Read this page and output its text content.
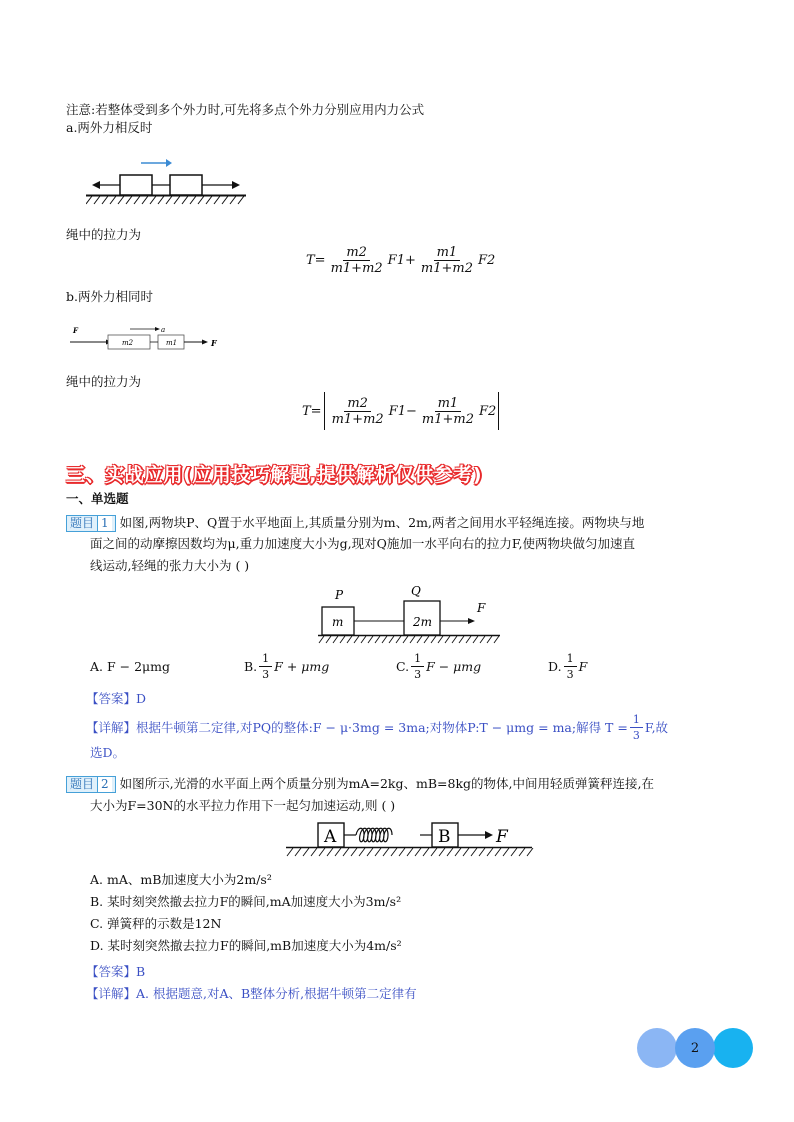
注意:若整体受到多个外力时,可先将多点个外力分别应用内力公式
a.两外力相反时
绳中的拉力为
$T= \frac{m2}{m1+m2} F1 + \frac{m1}{m1+m2} F2$
b.两外力相同时
F	a
m2	m1	F
绳中的拉力为
$T= \frac{m2}{m1+m2} F1 - \frac{m1}{m1+m2} F2$
三、实战应用(应用技巧解题,提供解析仅供参考)
一、单选题
题目 1 如图,两物块P、Q置于水平地面上,其质量分别为m、2m,两者之间用水平轻绳连接。两物块与地
面之间的动摩擦因数均为μ,重力加速度大小为g,现对Q施加一水平向右的拉力F,使两物块做匀加速直
线运动,轻绳的张力大小为 ( )
P	Q
m	2m
F
A. F − 2μmg	B. $\frac{1}{3}$ F + μmg	C. $\frac{1}{3}$ F − μmg	D. $\frac{1}{3}$ F
【答案】D
【详解】根据牛顿第二定律,对PQ的整体:F − μ·3mg = 3ma;对物体P:T − μmg = ma;解得 $T = \frac{1}{3} F$,故
选D。
题目 2 如图所示,光滑的水平面上两个质量分别为mA=2kg、mB=8kg的物体,中间用轻质弹簧秤连接,在
大小为F=30N的水平拉力作用下一起匀加速运动,则 ( )
A	B	F
A. mA、mB加速度大小为2m/s²
B. 某时刻突然撤去拉力F的瞬间,mA加速度大小为3m/s²
C. 弹簧秤的示数是12N
D. 某时刻突然撤去拉力F的瞬间,mB加速度大小为4m/s²
【答案】B
【详解】A. 根据题意,对A、B整体分析,根据牛顿第二定律有
2
